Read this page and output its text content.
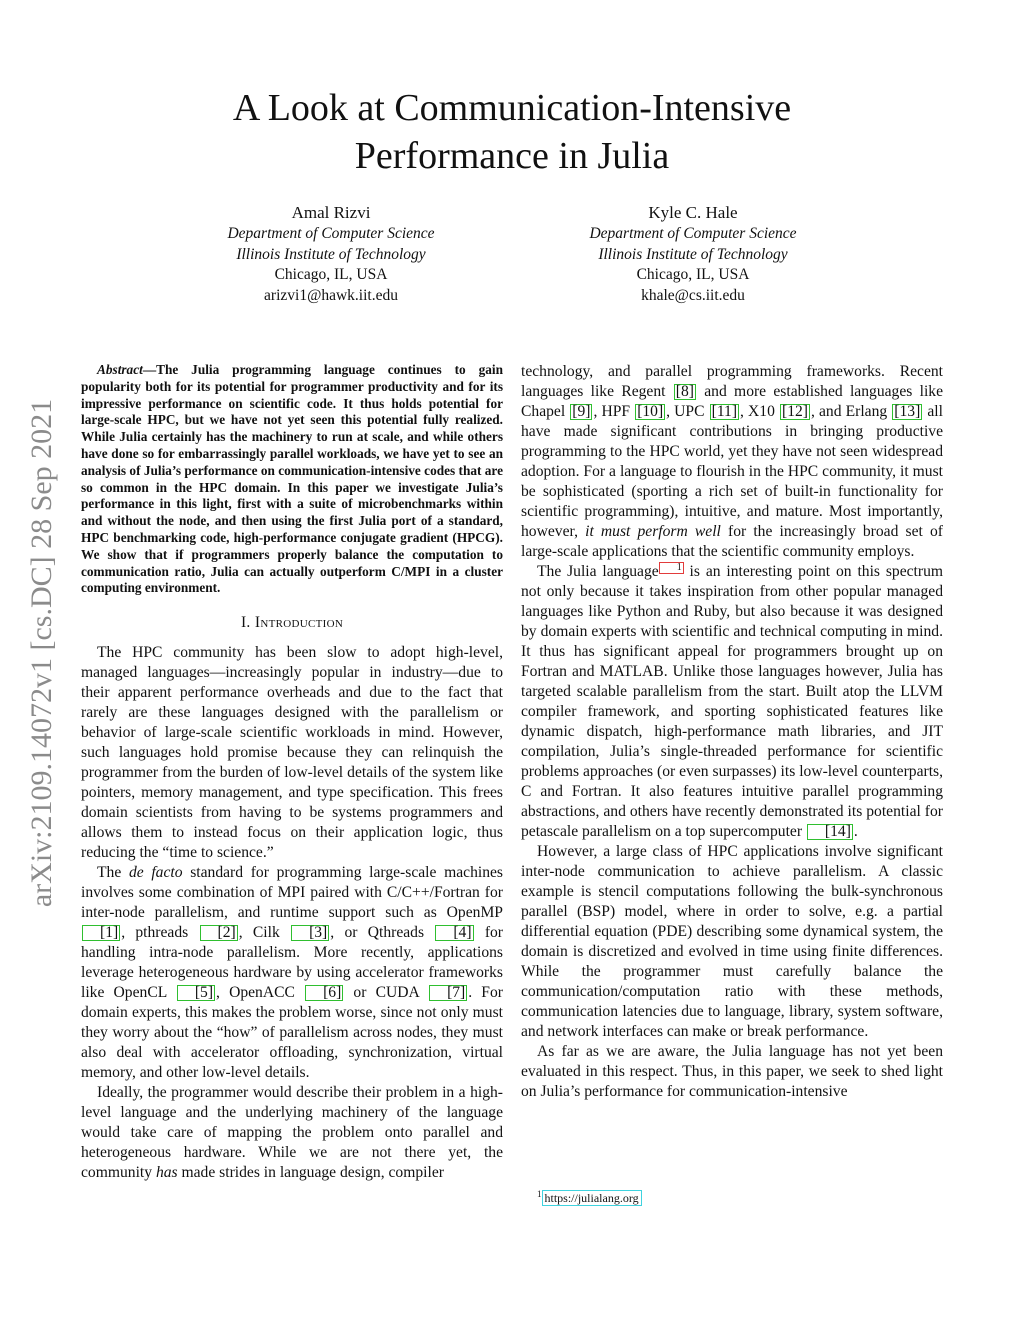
A Look at Communication-Intensive
Performance in Julia
Amal Rizvi
Department of Computer Science
Illinois Institute of Technology
Chicago, IL, USA
arizvi1@hawk.iit.edu
Kyle C. Hale
Department of Computer Science
Illinois Institute of Technology
Chicago, IL, USA
khale@cs.iit.edu
arXiv:2109.14072v1 [cs.DC] 28 Sep 2021

Abstract—The Julia programming language continues to gain popularity both for its potential for programmer productivity and for its impressive performance on scientific code. It thus holds potential for large-scale HPC, but we have not yet seen this potential fully realized. While Julia certainly has the machinery to run at scale, and while others have done so for embarrassingly parallel workloads, we have yet to see an analysis of Julia’s performance on communication-intensive codes that are so common in the HPC domain. In this paper we investigate Julia’s performance in this light, first with a suite of microbenchmarks within and without the node, and then using the first Julia port of a standard, HPC benchmarking code, high-performance conjugate gradient (HPCG). We show that if programmers properly balance the computation to communication ratio, Julia can actually outperform C/MPI in a cluster computing environment.

I. Introduction

The HPC community has been slow to adopt high-level, managed languages—increasingly popular in industry—due to their apparent performance overheads and due to the fact that rarely are these languages designed with the parallelism or behavior of large-scale scientific workloads in mind. However, such languages hold promise because they can relinquish the programmer from the burden of low-level details of the system like pointers, memory management, and type specification. This frees domain scientists from having to be systems programmers and allows them to instead focus on their application logic, thus reducing the “time to science.”

The de facto standard for programming large-scale machines involves some combination of MPI paired with C/C++/Fortran for inter-node parallelism, and runtime support such as OpenMP [1] , pthreads [2] , Cilk [3] , or Qthreads [4] for handling intra-node parallelism. More recently, applications leverage heterogeneous hardware by using accelerator frameworks like OpenCL [5] , OpenACC [6] or CUDA [7] . For domain experts, this makes the problem worse, since not only must they worry about the “how” of parallelism across nodes, they must also deal with accelerator offloading, synchronization, virtual memory, and other low-level details.

Ideally, the programmer would describe their problem in a high-level language and the underlying machinery of the language would take care of mapping the problem onto parallel and heterogeneous hardware. While we are not there yet, the community has made strides in language design, compiler

technology, and parallel programming frameworks. Recent languages like Regent [8] and more established languages like Chapel [9] , HPF [10] , UPC [11] , X10 [12] , and Erlang [13] all have made significant contributions in bringing productive programming to the HPC world, yet they have not seen widespread adoption. For a language to flourish in the HPC community, it must be sophisticated (sporting a rich set of built-in functionality for scientific programming), intuitive, and mature. Most importantly, however, it must perform well for the increasingly broad set of large-scale applications that the scientific community employs.

The Julia language 1 is an interesting point on this spectrum not only because it takes inspiration from other popular managed languages like Python and Ruby, but also because it was designed by domain experts with scientific and technical computing in mind. It thus has significant appeal for programmers brought up on Fortran and MATLAB. Unlike those languages however, Julia has targeted scalable parallelism from the start. Built atop the LLVM compiler framework, and sporting sophisticated features like dynamic dispatch, high-performance math libraries, and JIT compilation, Julia’s single-threaded performance for scientific problems approaches (or even surpasses) its low-level counterparts, C and Fortran. It also features intuitive parallel programming abstractions, and others have recently demonstrated its potential for petascale parallelism on a top supercomputer [14] .

However, a large class of HPC applications involve significant inter-node communication to achieve parallelism. A classic example is stencil computations following the bulk-synchronous parallel (BSP) model, where in order to solve, e.g. a partial differential equation (PDE) describing some dynamical system, the domain is discretized and evolved in time using finite differences. While the programmer must carefully balance the communication/computation ratio with these methods, communication latencies due to language, library, system software, and network interfaces can make or break performance.

As far as we are aware, the Julia language has not yet been evaluated in this respect. Thus, in this paper, we seek to shed light on Julia’s performance for communication-intensive

$^1$ https://julialang.org
